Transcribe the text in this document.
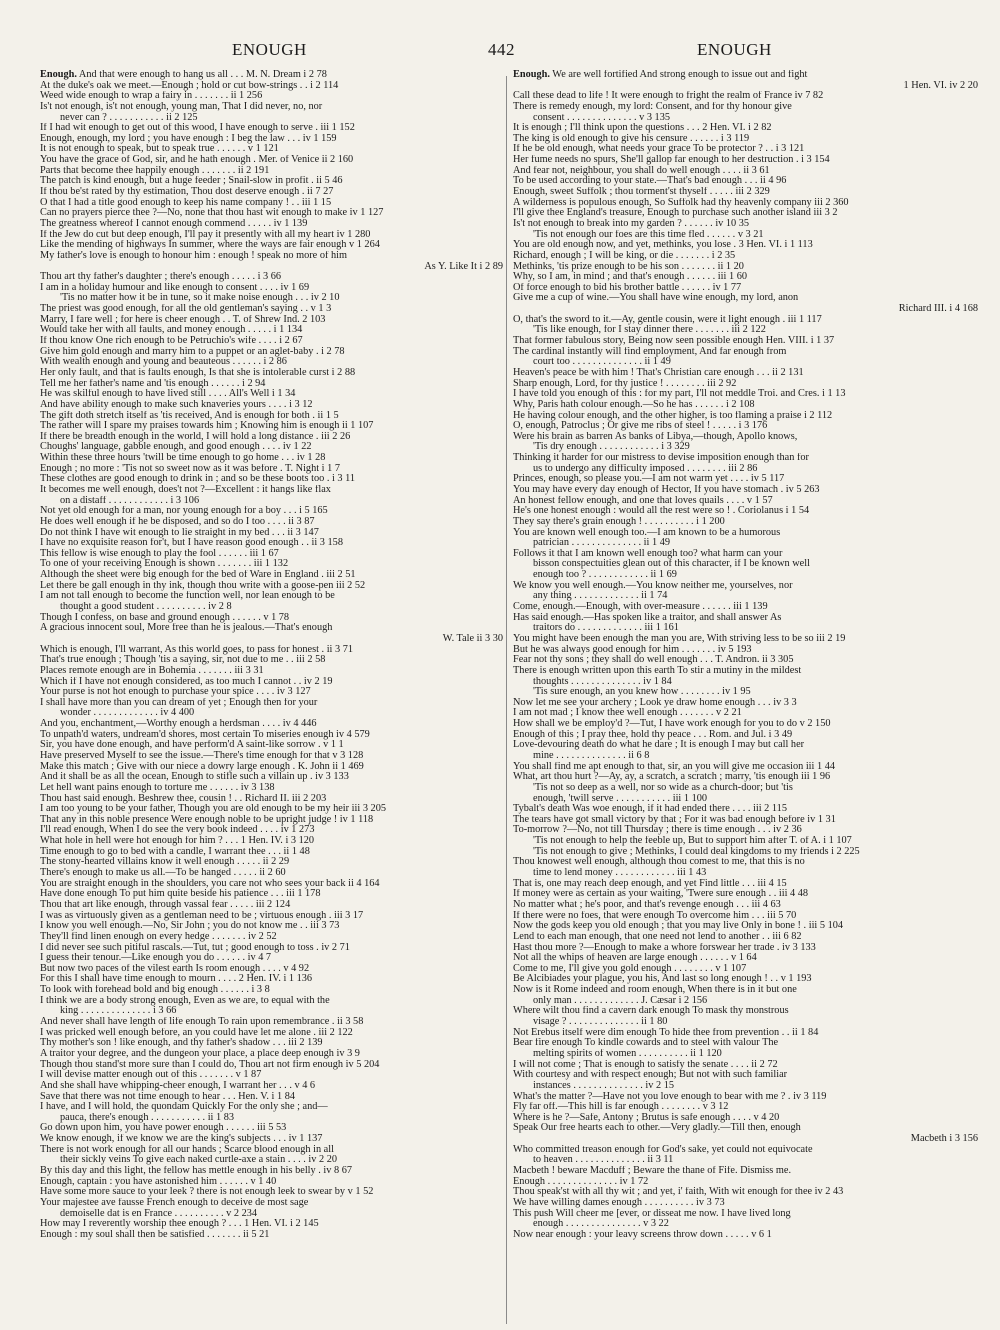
ENOUGH	442	ENOUGH
Enough. And that were enough to hang us all . . . M. N. Dream i 2 78
At the duke's oak we meet.—Enough ; hold or cut bow-strings . . i 2 114
Weed wide enough to wrap a fairy in . . . . . . . ii 1 256
Is't not enough, is't not enough, young man, That I did never, no, nor
never can ? . . . . . . . . . . . ii 2 125
If I had wit enough to get out of this wood, I have enough to serve . iii 1 152
Enough, enough, my lord ; you have enough : I beg the law . . . iv 1 159
It is not enough to speak, but to speak true . . . . . . v 1 121
You have the grace of God, sir, and he hath enough . Mer. of Venice ii 2 160
Parts that become thee happily enough . . . . . . . ii 2 191
The patch is kind enough, but a huge feeder ; Snail-slow in profit . ii 5 46
If thou be'st rated by thy estimation, Thou dost deserve enough . ii 7 27
O that I had a title good enough to keep his name company ! . . iii 1 15
Can no prayers pierce thee ?—No, none that thou hast wit enough to make iv 1 127
The greatness whereof I cannot enough commend . . . . . iv 1 139
If the Jew do cut but deep enough, I'll pay it presently with all my heart iv 1 280
Like the mending of highways In summer, where the ways are fair enough v 1 264
My father's love is enough to honour him : enough ! speak no more of him
As Y. Like It i 2 89
Thou art thy father's daughter ; there's enough . . . . . i 3 66
I am in a holiday humour and like enough to consent . . . . iv 1 69
'Tis no matter how it be in tune, so it make noise enough . . . iv 2 10
The priest was good enough, for all the old gentleman's saying . . v 1 3
Marry, I fare well ; for here is cheer enough . . T. of Shrew Ind. 2 103
Would take her with all faults, and money enough . . . . . i 1 134
If thou know One rich enough to be Petruchio's wife . . . . i 2 67
Give him gold enough and marry him to a puppet or an aglet-baby . i 2 78
With wealth enough and young and beauteous . . . . . . i 2 86
Her only fault, and that is faults enough, Is that she is intolerable curst i 2 88
Tell me her father's name and 'tis enough . . . . . . i 2 94
He was skilful enough to have lived still . . . . All's Well i 1 34
And have ability enough to make such knaveries yours . . . . i 3 12
The gift doth stretch itself as 'tis received, And is enough for both . ii 1 5
The rather will I spare my praises towards him ; Knowing him is enough ii 1 107
If there be breadth enough in the world, I will hold a long distance . iii 2 26
Choughs' language, gabble enough, and good enough . . . . iv 1 22
Within these three hours 'twill be time enough to go home . . . iv 1 28
Enough ; no more : 'Tis not so sweet now as it was before . T. Night i 1 7
These clothes are good enough to drink in ; and so be these boots too . i 3 11
It becomes me well enough, does't not ?—Excellent : it hangs like flax
on a distaff . . . . . . . . . . . . i 3 106
Not yet old enough for a man, nor young enough for a boy . . . i 5 165
He does well enough if he be disposed, and so do I too . . . . ii 3 87
Do not think I have wit enough to lie straight in my bed . . . ii 3 147
I have no exquisite reason for't, but I have reason good enough . . ii 3 158
This fellow is wise enough to play the fool . . . . . . iii 1 67
To one of your receiving Enough is shown . . . . . . . iii 1 132
Although the sheet were big enough for the bed of Ware in England . iii 2 51
Let there be gall enough in thy ink, though thou write with a goose-pen iii 2 52
I am not tall enough to become the function well, nor lean enough to be
thought a good student . . . . . . . . . . iv 2 8
Though I confess, on base and ground enough . . . . . . v 1 78
A gracious innocent soul, More free than he is jealous.—That's enough
W. Tale ii 3 30
Which is enough, I'll warrant, As this world goes, to pass for honest . ii 3 71
That's true enough ; Though 'tis a saying, sir, not due to me . . iii 2 58
Places remote enough are in Bohemia . . . . . . . iii 3 31
Which if I have not enough considered, as too much I cannot . . iv 2 19
Your purse is not hot enough to purchase your spice . . . . iv 3 127
I shall have more than you can dream of yet ; Enough then for your
wonder . . . . . . . . . . . . . iv 4 400
And you, enchantment,—Worthy enough a herdsman . . . . iv 4 446
To unpath'd waters, undream'd shores, most certain To miseries enough iv 4 579
Sir, you have done enough, and have perform'd A saint-like sorrow . v 1 1
Have preserved Myself to see the issue.—There's time enough for that v 3 128
Make this match ; Give with our niece a dowry large enough . K. John ii 1 469
And it shall be as all the ocean, Enough to stifle such a villain up . iv 3 133
Let hell want pains enough to torture me . . . . . . iv 3 138
Thou hast said enough. Beshrew thee, cousin ! . . Richard II. iii 2 203
I am too young to be your father, Though you are old enough to be my heir iii 3 205
That any in this noble presence Were enough noble to be upright judge ! iv 1 118
I'll read enough, When I do see the very book indeed . . . . iv 1 273
What hole in hell were hot enough for him ? . . . 1 Hen. IV. i 3 120
Time enough to go to bed with a candle, I warrant thee . . . ii 1 48
The stony-hearted villains know it well enough . . . . . ii 2 29
There's enough to make us all.—To be hanged . . . . . ii 2 60
You are straight enough in the shoulders, you care not who sees your back ii 4 164
Have done enough To put him quite beside his patience . . . iii 1 178
Thou that art like enough, through vassal fear . . . . . iii 2 124
I was as virtuously given as a gentleman need to be ; virtuous enough . iii 3 17
I know you well enough.—No, Sir John ; you do not know me . . iii 3 73
They'll find linen enough on every hedge . . . . . . . iv 2 52
I did never see such pitiful rascals.—Tut, tut ; good enough to toss . iv 2 71
I guess their tenour.—Like enough you do . . . . . . iv 4 7
But now two paces of the vilest earth Is room enough . . . . v 4 92
For this I shall have time enough to mourn . . . . 2 Hen. IV. i 1 136
To look with forehead bold and big enough . . . . . . i 3 8
I think we are a body strong enough, Even as we are, to equal with the
king . . . . . . . . . . . . . . i 3 66
And never shall have length of life enough To rain upon remembrance . ii 3 58
I was pricked well enough before, an you could have let me alone . iii 2 122
Thy mother's son ! like enough, and thy father's shadow . . . iii 2 139
A traitor your degree, and the dungeon your place, a place deep enough iv 3 9
Though thou stand'st more sure than I could do, Thou art not firm enough iv 5 204
I will devise matter enough out of this . . . . . . . v 1 87
And she shall have whipping-cheer enough, I warrant her . . . v 4 6
Save that there was not time enough to hear . . . Hen. V. i 1 84
I have, and I will hold, the quondam Quickly For the only she ; and—
pauca, there's enough . . . . . . . . . . . ii 1 83
Go down upon him, you have power enough . . . . . . iii 5 53
We know enough, if we know we are the king's subjects . . . iv 1 137
There is not work enough for all our hands ; Scarce blood enough in all
their sickly veins To give each naked curtle-axe a stain . . . . iv 2 20
By this day and this light, the fellow has mettle enough in his belly . iv 8 67
Enough, captain : you have astonished him . . . . . . v 1 40
Have some more sauce to your leek ? there is not enough leek to swear by v 1 52
Your majestee ave fausse French enough to deceive de most sage
demoiselle dat is en France . . . . . . . . . . v 2 234
How may I reverently worship thee enough ? . . . 1 Hen. VI. i 2 145
Enough : my soul shall then be satisfied . . . . . . . ii 5 21
Enough. We are well fortified And strong enough to issue out and fight
1 Hen. VI. iv 2 20
Call these dead to life ! It were enough to fright the realm of France iv 7 82
There is remedy enough, my lord: Consent, and for thy honour give
consent . . . . . . . . . . . . . . v 3 135
It is enough ; I'll think upon the questions . . . 2 Hen. VI. i 2 82
The king is old enough to give his censure . . . . . . i 3 119
If he be old enough, what needs your grace To be protector ? . . i 3 121
Her fume needs no spurs, She'll gallop far enough to her destruction . i 3 154
And fear not, neighbour, you shall do well enough . . . . ii 3 61
To be used according to your state.—That's bad enough . . . ii 4 96
Enough, sweet Suffolk ; thou torment'st thyself . . . . . iii 2 329
A wilderness is populous enough, So Suffolk had thy heavenly company iii 2 360
I'll give thee England's treasure, Enough to purchase such another island iii 3 2
Is't not enough to break into my garden ? . . . . . . iv 10 35
'Tis not enough our foes are this time fled . . . . . . v 3 21
You are old enough now, and yet, methinks, you lose . 3 Hen. VI. i 1 113
Richard, enough ; I will be king, or die . . . . . . . i 2 35
Methinks, 'tis prize enough to be his son . . . . . . . ii 1 20
Why, so I am, in mind ; and that's enough . . . . . . iii 1 60
Of force enough to bid his brother battle . . . . . . iv 1 77
Give me a cup of wine.—You shall have wine enough, my lord, anon
Richard III. i 4 168
O, that's the sword to it.—Ay, gentle cousin, were it light enough . iii 1 117
'Tis like enough, for I stay dinner there . . . . . . . iii 2 122
That former fabulous story, Being now seen possible enough Hen. VIII. i 1 37
The cardinal instantly will find employment, And far enough from
court too . . . . . . . . . . . . . . ii 1 49
Heaven's peace be with him ! That's Christian care enough . . . ii 2 131
Sharp enough, Lord, for thy justice ! . . . . . . . . iii 2 92
I have told you enough of this : for my part, I'll not meddle Troi. and Cres. i 1 13
Why, Paris hath colour enough.—So he has . . . . . . i 2 108
He having colour enough, and the other higher, is too flaming a praise i 2 112
O, enough, Patroclus ; Or give me ribs of steel ! . . . . . i 3 176
Were his brain as barren As banks of Libya,—though, Apollo knows,
'Tis dry enough . . . . . . . . . . . . i 3 329
Thinking it harder for our mistress to devise imposition enough than for
us to undergo any difficulty imposed . . . . . . . . iii 2 86
Princes, enough, so please you.—I am not warm yet . . . . iv 5 117
You may have every day enough of Hector, If you have stomach . iv 5 263
An honest fellow enough, and one that loves quails . . . . v 1 57
He's one honest enough : would all the rest were so ! . Coriolanus i 1 54
They say there's grain enough ! . . . . . . . . . . i 1 200
You are known well enough too.—I am known to be a humorous
patrician . . . . . . . . . . . . . . ii 1 49
Follows it that I am known well enough too? what harm can your
bisson conspectuities glean out of this character, if I be known well
enough too ? . . . . . . . . . . . . ii 1 69
We know you well enough.—You know neither me, yourselves, nor
any thing . . . . . . . . . . . . . ii 1 74
Come, enough.—Enough, with over-measure . . . . . . iii 1 139
Has said enough.—Has spoken like a traitor, and shall answer As
traitors do . . . . . . . . . . . . . iii 1 161
You might have been enough the man you are, With striving less to be so iii 2 19
But he was always good enough for him . . . . . . . iv 5 193
Fear not thy sons ; they shall do well enough . . . T. Andron. ii 3 305
There is enough written upon this earth To stir a mutiny in the mildest
thoughts . . . . . . . . . . . . . . iv 1 84
'Tis sure enough, an you knew how . . . . . . . . iv 1 95
Now let me see your archery ; Look ye draw home enough . . . iv 3 3
I am not mad ; I know thee well enough . . . . . . . v 2 21
How shall we be employ'd ?—Tut, I have work enough for you to do v 2 150
Enough of this ; I pray thee, hold thy peace . . . Rom. and Jul. i 3 49
Love-devouring death do what he dare ; It is enough I may but call her
mine . . . . . . . . . . . . . . ii 6 8
You shall find me apt enough to that, sir, an you will give me occasion iii 1 44
What, art thou hurt ?—Ay, ay, a scratch, a scratch ; marry, 'tis enough iii 1 96
'Tis not so deep as a well, nor so wide as a church-door; but 'tis
enough, 'twill serve . . . . . . . . . . . iii 1 100
Tybalt's death Was woe enough, if it had ended there . . . . iii 2 115
The tears have got small victory by that ; For it was bad enough before iv 1 31
To-morrow ?—No, not till Thursday ; there is time enough . . . iv 2 36
'Tis not enough to help the feeble up, But to support him after T. of A. i 1 107
'Tis not enough to give ; Methinks, I could deal kingdoms to my friends i 2 225
Thou knowest well enough, although thou comest to me, that this is no
time to lend money . . . . . . . . . . . . iii 1 43
That is, one may reach deep enough, and yet Find little . . . iii 4 15
If money were as certain as your waiting, 'Twere sure enough . . iii 4 48
No matter what ; he's poor, and that's revenge enough . . . iii 4 63
If there were no foes, that were enough To overcome him . . . iii 5 70
Now the gods keep you old enough ; that you may live Only in bone ! . iii 5 104
Lend to each man enough, that one need not lend to another . . iii 6 82
Hast thou more ?—Enough to make a whore forswear her trade . iv 3 133
Not all the whips of heaven are large enough . . . . . . v 1 64
Come to me, I'll give you gold enough . . . . . . . . v 1 107
Be Alcibiades your plague, you his, And last so long enough ! . . v 1 193
Now is it Rome indeed and room enough, When there is in it but one
only man . . . . . . . . . . . . . J. Cæsar i 2 156
Where wilt thou find a cavern dark enough To mask thy monstrous
visage ? . . . . . . . . . . . . . . ii 1 80
Not Erebus itself were dim enough To hide thee from prevention . . ii 1 84
Bear fire enough To kindle cowards and to steel with valour The
melting spirits of women . . . . . . . . . . ii 1 120
I will not come ; That is enough to satisfy the senate . . . . ii 2 72
With courtesy and with respect enough; But not with such familiar
instances . . . . . . . . . . . . . . iv 2 15
What's the matter ?—Have not you love enough to bear with me ? . iv 3 119
Fly far off.—This hill is far enough . . . . . . . . v 3 12
Where is he ?—Safe, Antony ; Brutus is safe enough . . . . v 4 20
Speak Our free hearts each to other.—Very gladly.—Till then, enough
Macbeth i 3 156
Who committed treason enough for God's sake, yet could not equivocate
to heaven . . . . . . . . . . . . . . ii 3 11
Macbeth ! beware Macduff ; Beware the thane of Fife. Dismiss me.
Enough . . . . . . . . . . . . . . iv 1 72
Thou speak'st with all thy wit ; and yet, i' faith, With wit enough for thee iv 2 43
We have willing dames enough . . . . . . . . . . iv 3 73
This push Will cheer me [ever, or disseat me now. I have lived long
enough . . . . . . . . . . . . . . . v 3 22
Now near enough : your leavy screens throw down . . . . . v 6 1
